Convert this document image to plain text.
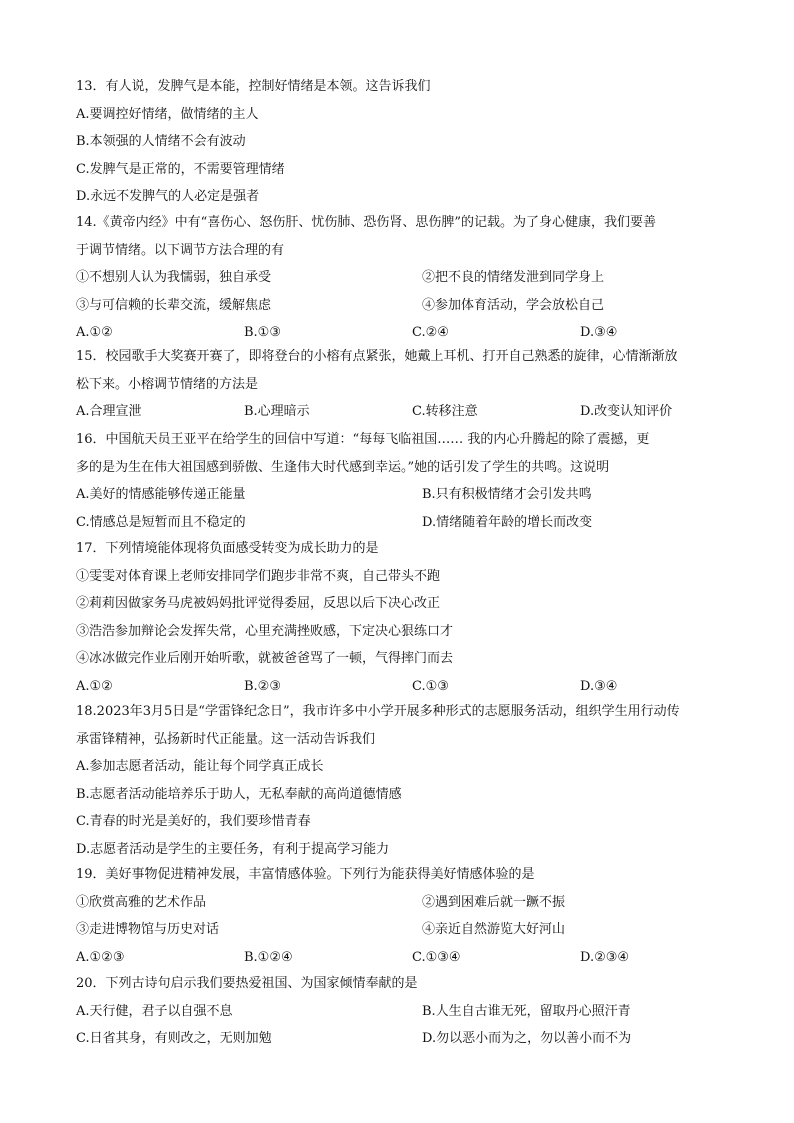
13．有人说，发脾气是本能，控制好情绪是本领。这告诉我们
A.要调控好情绪，做情绪的主人
B.本领强的人情绪不会有波动
C.发脾气是正常的，不需要管理情绪
D.永远不发脾气的人必定是强者
14.《黄帝内经》中有“喜伤心、怒伤肝、忧伤肺、恐伤肾、思伤脾”的记载。为了身心健康，我们要善
于调节情绪。以下调节方法合理的有
①不想别人认为我懦弱，独自承受	②把不良的情绪发泄到同学身上
③与可信赖的长辈交流，缓解焦虑	④参加体育活动，学会放松自己
A.①②	B.①③	C.②④	D.③④
15．校园歌手大奖赛开赛了，即将登台的小榕有点紧张，她戴上耳机、打开自己熟悉的旋律，心情渐渐放
松下来。小榕调节情绪的方法是
A.合理宣泄	B.心理暗示	C.转移注意	D.改变认知评价
16．中国航天员王亚平在给学生的回信中写道：“每每飞临祖国…… 我的内心升腾起的除了震撼，更
多的是为生在伟大祖国感到骄傲、生逢伟大时代感到幸运。”她的话引发了学生的共鸣。这说明
A.美好的情感能够传递正能量	B.只有积极情绪才会引发共鸣
C.情感总是短暂而且不稳定的	D.情绪随着年龄的增长而改变
17．下列情境能体现将负面感受转变为成长助力的是
①雯雯对体育课上老师安排同学们跑步非常不爽，自己带头不跑
②莉莉因做家务马虎被妈妈批评觉得委屈，反思以后下决心改正
③浩浩参加辩论会发挥失常，心里充满挫败感，下定决心狠练口才
④冰冰做完作业后刚开始听歌，就被爸爸骂了一顿，气得摔门而去
A.①②	B.②③	C.①③	D.③④
18.2023年3月5日是“学雷锋纪念日”，我市许多中小学开展多种形式的志愿服务活动，组织学生用行动传
承雷锋精神，弘扬新时代正能量。这一活动告诉我们
A.参加志愿者活动，能让每个同学真正成长
B.志愿者活动能培养乐于助人，无私奉献的高尚道德情感
C.青春的时光是美好的，我们要珍惜青春
D.志愿者活动是学生的主要任务，有利于提高学习能力
19．美好事物促进精神发展，丰富情感体验。下列行为能获得美好情感体验的是
①欣赏高雅的艺术作品	②遇到困难后就一蹶不振
③走进博物馆与历史对话	④亲近自然游览大好河山
A.①②③	B.①②④	C.①③④	D.②③④
20．下列古诗句启示我们要热爱祖国、为国家倾情奉献的是
A.天行健，君子以自强不息	B.人生自古谁无死，留取丹心照汗青
C.日省其身，有则改之，无则加勉	D.勿以恶小而为之，勿以善小而不为
